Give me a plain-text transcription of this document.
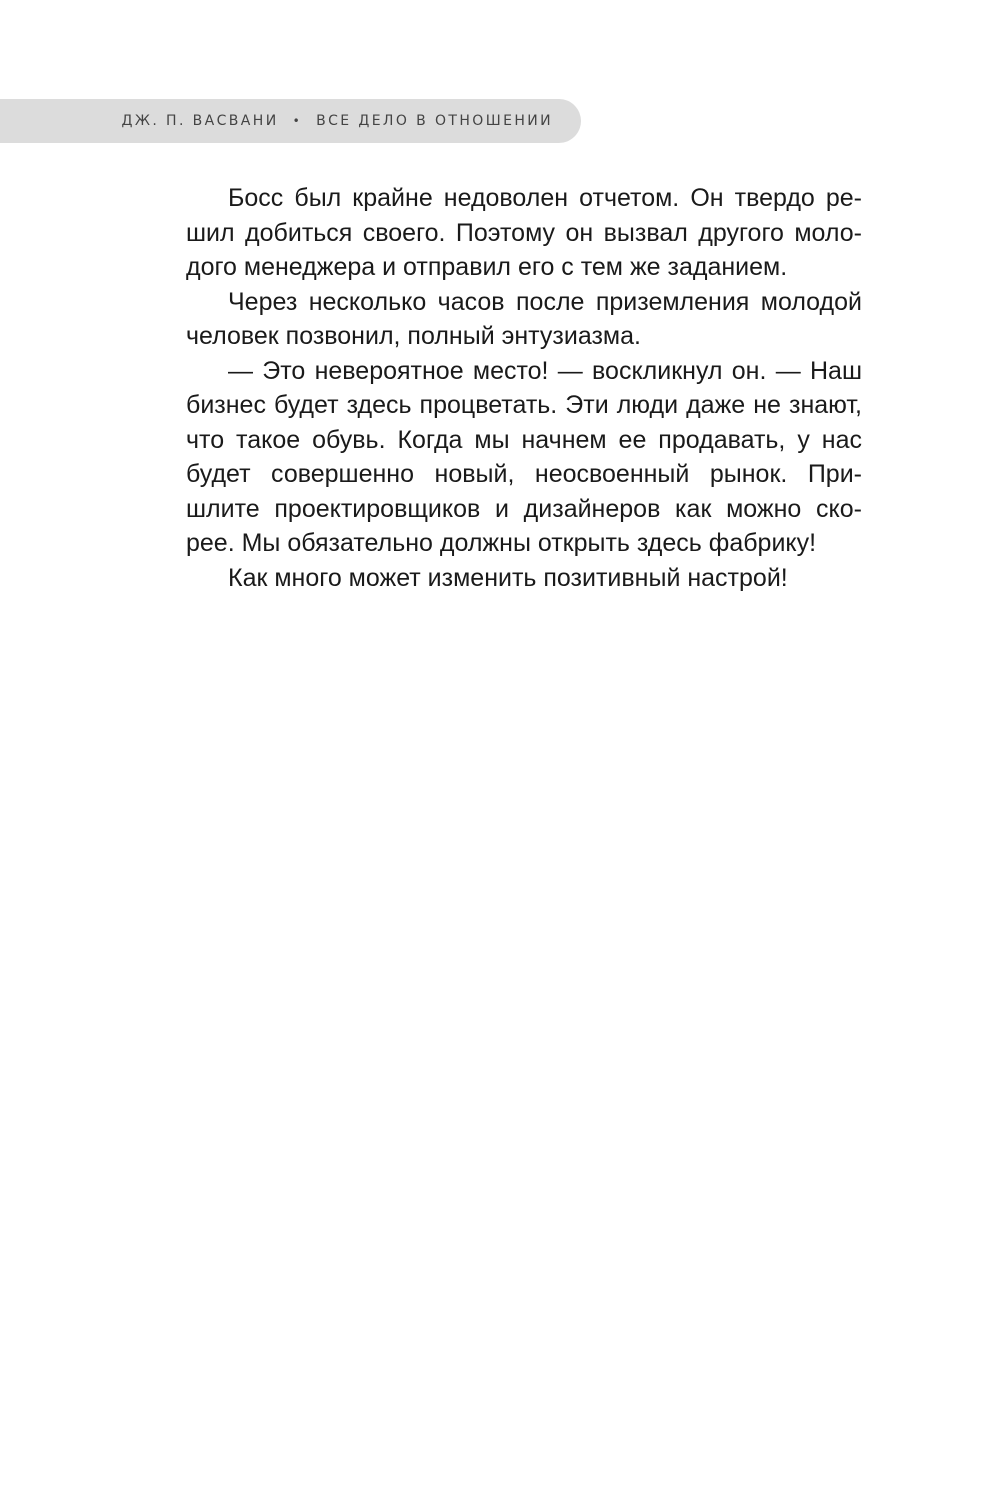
ДЖ. П. ВАСВАНИ • ВСЕ ДЕЛО В ОТНОШЕНИИ
Босс был крайне недоволен отчетом. Он твердо ре-
шил добиться своего. Поэтому он вызвал другого моло-
дого менеджера и отправил его с тем же заданием.
Через несколько часов после приземления молодой
человек позвонил, полный энтузиазма.
— Это невероятное место! — воскликнул он. — Наш
бизнес будет здесь процветать. Эти люди даже не знают,
что такое обувь. Когда мы начнем ее продавать, у нас
будет совершенно новый, неосвоенный рынок. При-
шлите проектировщиков и дизайнеров как можно ско-
рее. Мы обязательно должны открыть здесь фабрику!
Как много может изменить позитивный настрой!
